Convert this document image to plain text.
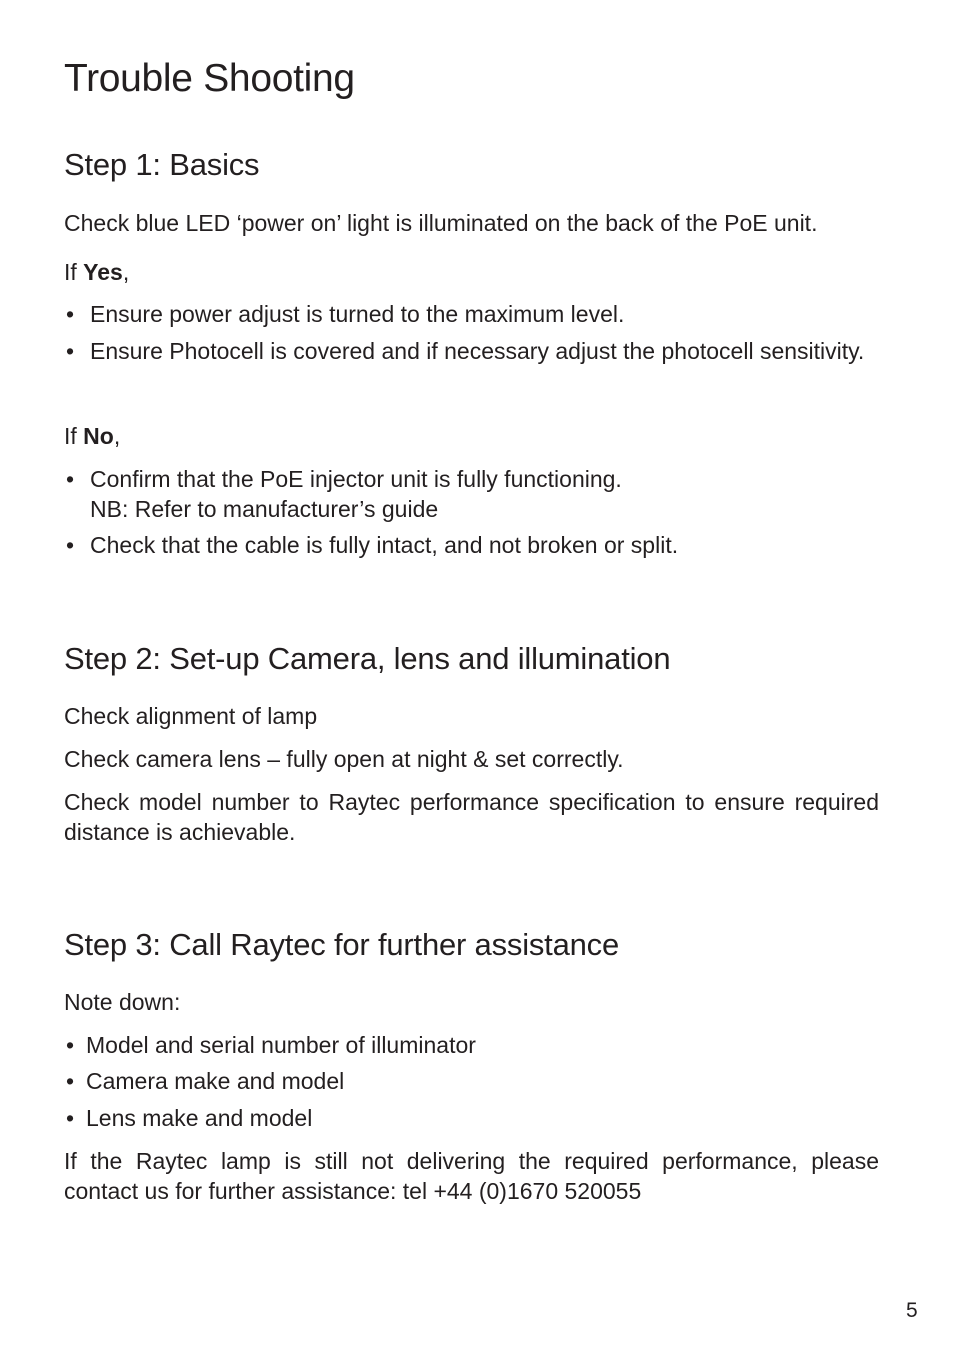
Trouble Shooting
Step 1: Basics

Check blue LED ‘power on’ light is illuminated on the back of the PoE unit.

If Yes,

• Ensure power adjust is turned to the maximum level.
• Ensure Photocell is covered and if necessary adjust the photocell sensitivity.

If No,

• Confirm that the PoE injector unit is fully functioning.
NB: Refer to manufacturer’s guide
• Check that the cable is fully intact, and not broken or split.
Step 2: Set-up Camera, lens and illumination

Check alignment of lamp

Check camera lens – fully open at night & set correctly.

Check model number to Raytec performance specification to ensure required distance is achievable.

Step 3: Call Raytec for further assistance

Note down:

• Model and serial number of illuminator
• Camera make and model
• Lens make and model

If the Raytec lamp is still not delivering the required performance, please contact us for further assistance: tel +44 (0)1670 520055

5
